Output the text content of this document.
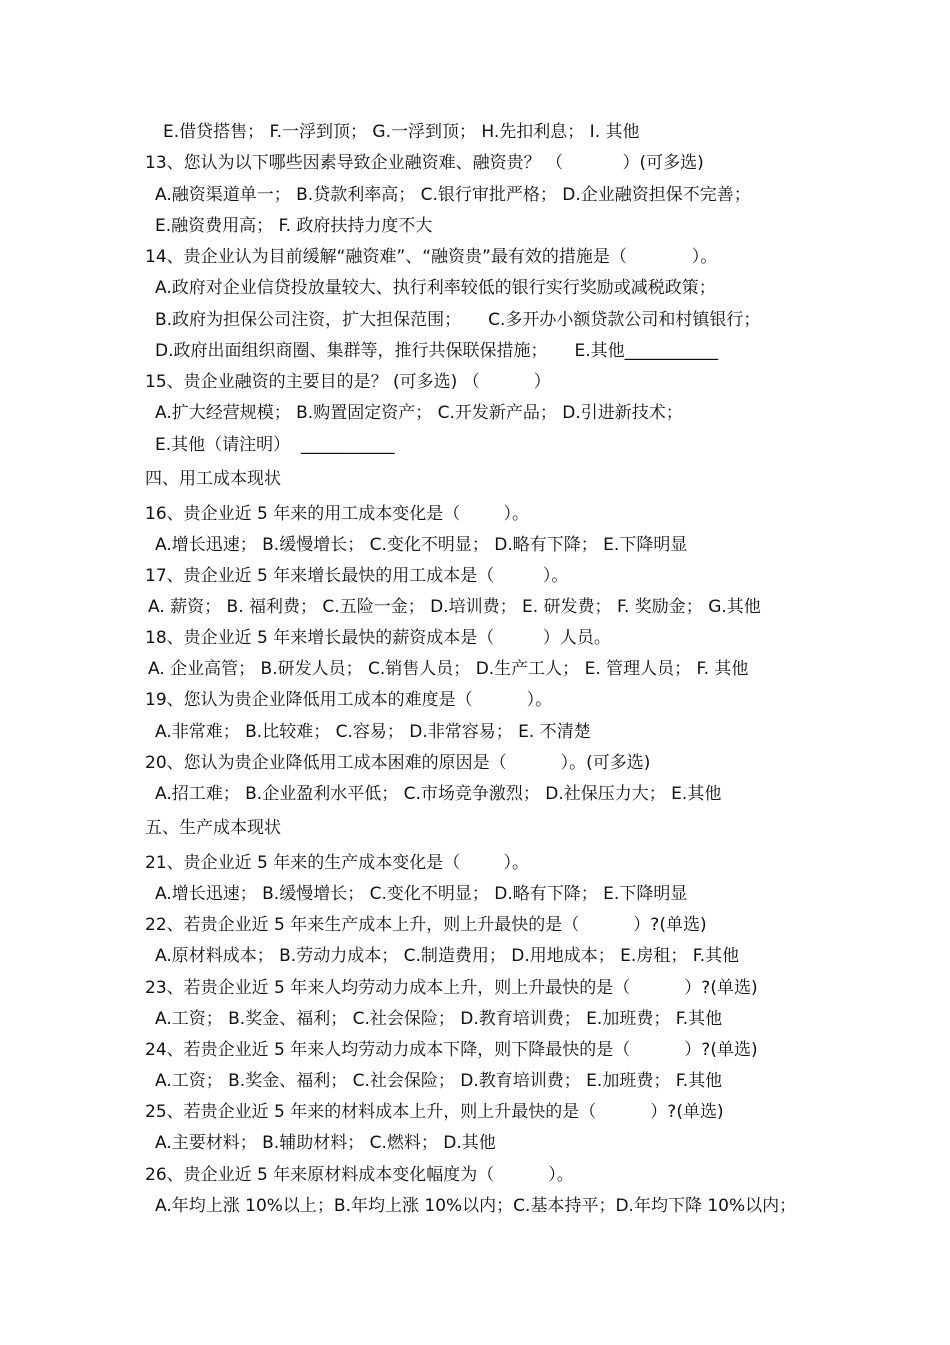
E.借贷搭售； F.一浮到顶； G.一浮到顶； H.先扣利息； I. 其他
13、您认为以下哪些因素导致企业融资难、融资贵？ （           ）(可多选)
A.融资渠道单一； B.贷款利率高； C.银行审批严格； D.企业融资担保不完善；
E.融资费用高； F. 政府扶持力度不大
14、贵企业认为目前缓解“融资难”、“融资贵”最有效的措施是（            ）。
A.政府对企业信贷投放量较大、执行利率较低的银行实行奖励或减税政策；
B.政府为担保公司注资，扩大担保范围；     C.多开办小额贷款公司和村镇银行；
D.政府出面组织商圈、集群等，推行共保联保措施；     E.其他___________
15、贵企业融资的主要目的是？ (可多选) （          ）
A.扩大经营规模； B.购置固定资产； C.开发新产品； D.引进新技术；
E.其他（请注明）  ___________
四、用工成本现状
16、贵企业近 5 年来的用工成本变化是（        ）。
A.增长迅速； B.缓慢增长； C.变化不明显； D.略有下降； E.下降明显
17、贵企业近 5 年来增长最快的用工成本是（         ）。
A. 薪资； B. 福利费； C.五险一金； D.培训费； E. 研发费； F. 奖励金； G.其他
18、贵企业近 5 年来增长最快的薪资成本是（         ）人员。
A. 企业高管； B.研发人员； C.销售人员； D.生产工人； E. 管理人员； F. 其他
19、您认为贵企业降低用工成本的难度是（          ）。
A.非常难； B.比较难； C.容易； D.非常容易； E. 不清楚
20、您认为贵企业降低用工成本困难的原因是（          ）。(可多选)
A.招工难； B.企业盈利水平低； C.市场竞争激烈； D.社保压力大； E.其他
五、生产成本现状
21、贵企业近 5 年来的生产成本变化是（        ）。
A.增长迅速； B.缓慢增长； C.变化不明显； D.略有下降； E.下降明显
22、若贵企业近 5 年来生产成本上升，则上升最快的是（          ）?(单选)
A.原材料成本； B.劳动力成本； C.制造费用； D.用地成本； E.房租； F.其他
23、若贵企业近 5 年来人均劳动力成本上升，则上升最快的是（          ）?(单选)
A.工资； B.奖金、福利； C.社会保险； D.教育培训费； E.加班费； F.其他
24、若贵企业近 5 年来人均劳动力成本下降，则下降最快的是（          ）?(单选)
A.工资； B.奖金、福利； C.社会保险； D.教育培训费； E.加班费； F.其他
25、若贵企业近 5 年来的材料成本上升，则上升最快的是（          ）?(单选)
A.主要材料； B.辅助材料； C.燃料； D.其他
26、贵企业近 5 年来原材料成本变化幅度为（          ）。
A.年均上涨 10%以上；B.年均上涨 10%以内；C.基本持平；D.年均下降 10%以内；
